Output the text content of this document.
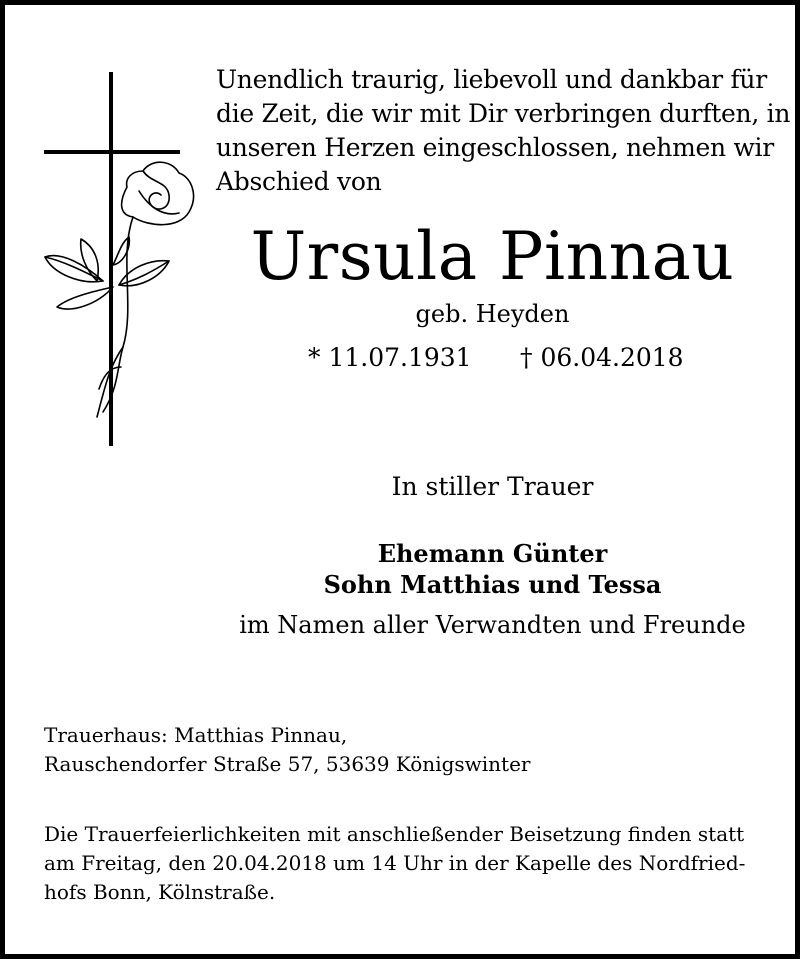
Unendlich traurig, liebevoll und dankbar für
die Zeit, die wir mit Dir verbringen durften, in
unseren Herzen eingeschlossen, nehmen wir
Abschied von

Ursula Pinnau
geb. Heyden
* 11.07.1931 † 06.04.2018
In stiller Trauer
Ehemann Günter
Sohn Matthias und Tessa
im Namen aller Verwandten und Freunde
Trauerhaus: Matthias Pinnau,
Rauschendorfer Straße 57, 53639 Königswinter
Die Trauerfeierlichkeiten mit anschließender Beisetzung finden statt
am Freitag, den 20.04.2018 um 14 Uhr in der Kapelle des Nordfried-
hofs Bonn, Kölnstraße.
